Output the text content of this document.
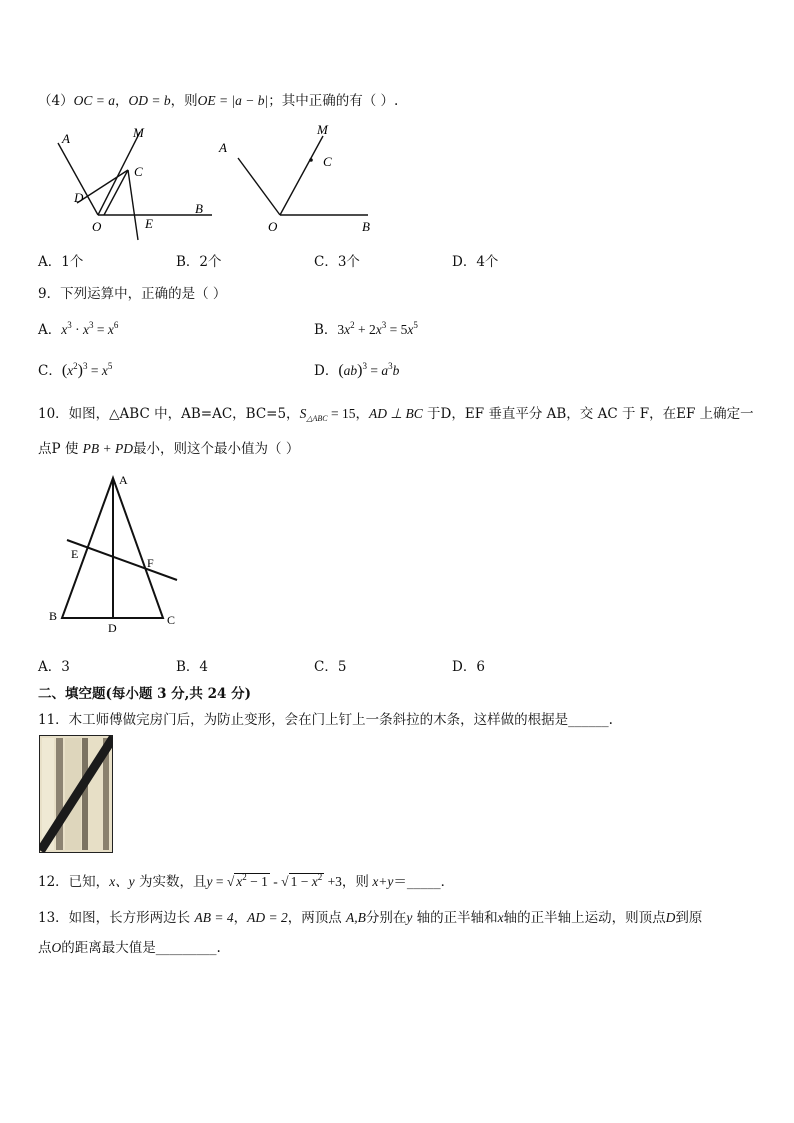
（4）OC = a，OD = b，则OE = |a − b|；其中正确的有（ ）.
A	M
C
D
O	E
B
A
M
C
O	B
A．1个	B．2个	C．3个	D．4个
9．下列运算中，正确的是（ ）
A．$x^3 \cdot x^3 = x^6$	B．$3x^2 + 2x^3 = 5x^5$
C．$(x^2)^3 = x^5$	D．$(ab)^3 = a^3b$
10．如图，△ABC 中，AB=AC，BC=5，$S_{\triangle ABC} = 15$，AD ⊥ BC 于D，EF 垂直平分 AB，交 AC 于 F，在EF 上确定一
点P 使 PB + PD最小，则这个最小值为（ ）
A
B	C
D
E
F
A．3	B．4	C．5	D．6
二、填空题(每小题 3 分,共 24 分)
11．木工师傅做完房门后，为防止变形，会在门上钉上一条斜拉的木条，这样做的根据是______.
12．已知，x、y 为实数，且y = √ $x^2 - 1$ - √ $1 - x^2 +3$，则 x+y＝_____．
13．如图，长方形两边长 AB = 4，AD = 2，两顶点 A,B分别在y 轴的正半轴和x轴的正半轴上运动，则顶点D到原
点O的距离最大值是_________.
